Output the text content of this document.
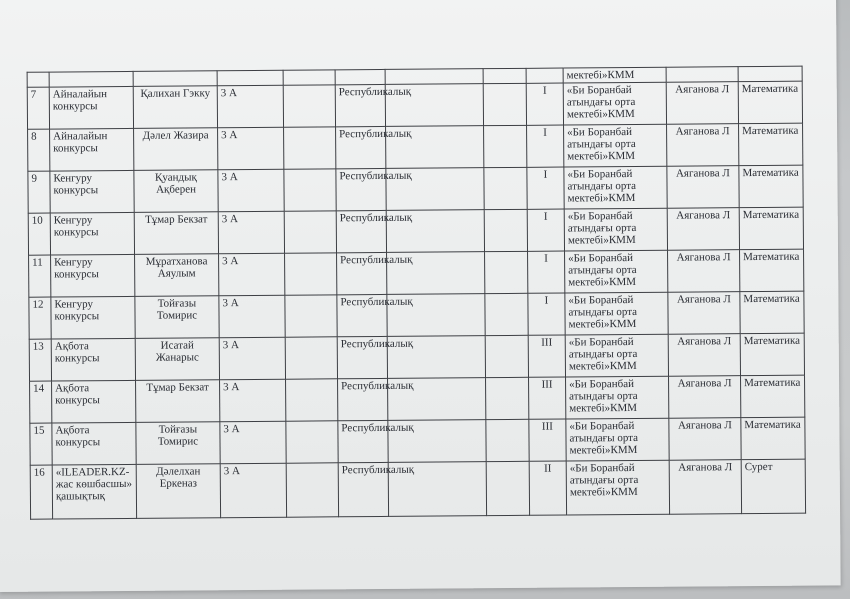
									мектебі»КММ		
7	Айналайын конкурсы	Қалихан Гэкку	3 А		Республикалық			I	«Би Боранбай атындағы орта мектебі»КММ	Аяганова Л	Математика
8	Айналайын конкурсы	Дәлел Жазира	3 А		Республикалық			I	«Би Боранбай атындағы орта мектебі»КММ	Аяганова Л	Математика
9	Кенгуру конкурсы	Қуандық Ақберен	3 А		Республикалық			I	«Би Боранбай атындағы орта мектебі»КММ	Аяганова Л	Математика
10	Кенгуру конкурсы	Тұмар Бекзат	3 А		Республикалық			I	«Би Боранбай атындағы орта мектебі»КММ	Аяганова Л	Математика
11	Кенгуру конкурсы	Мұратханова Аяулым	3 А		Республикалық			I	«Би Боранбай атындағы орта мектебі»КММ	Аяганова Л	Математика
12	Кенгуру конкурсы	Тойғазы Томирис	3 А		Республикалық			I	«Би Боранбай атындағы орта мектебі»КММ	Аяганова Л	Математика
13	Ақбота конкурсы	Исатай Жанарыс	3 А		Республикалық			III	«Би Боранбай атындағы орта мектебі»КММ	Аяганова Л	Математика
14	Ақбота конкурсы	Тұмар Бекзат	3 А		Республикалық			III	«Би Боранбай атындағы орта мектебі»КММ	Аяганова Л	Математика
15	Ақбота конкурсы	Тойғазы Томирис	3 А		Республикалық			III	«Би Боранбай атындағы орта мектебі»КММ	Аяганова Л	Математика
16	«ILEADER.KZ- жас көшбасшы» қашықтық	Дәлелхан Еркеназ	3 А		Республикалық			II	«Би Боранбай атындағы орта мектебі»КММ	Аяганова Л	Сурет
